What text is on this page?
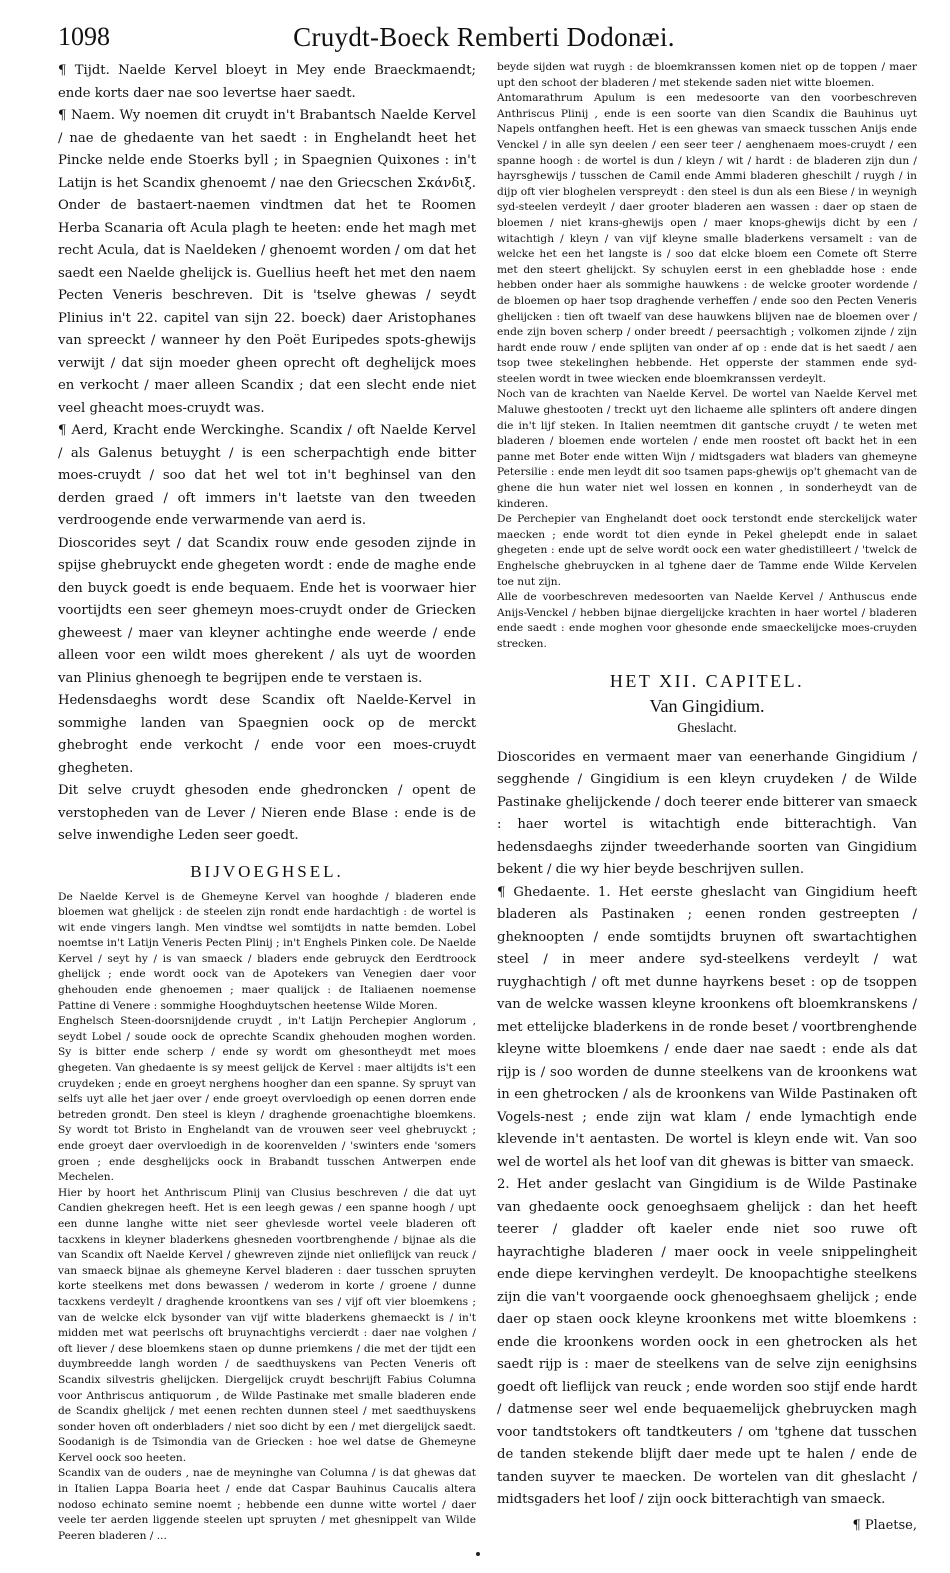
1098	Cruydt-Boeck Remberti Dodonæi.

¶ Tijdt. Naelde Kervel bloeyt in Mey ende Braeckmaendt; ende korts daer nae soo levertse haer saedt.

¶ Naem. Wy noemen dit cruydt in't Brabantsch Naelde Kervel / nae de ghedaente van het saedt : in Enghelandt heet het Pincke nelde ende Stoerks byll ; in Spaegnien Quixones : in't Latijn is het Scandix ghenoemt / nae den Griecschen Σκάνδιξ. Onder de bastaert-naemen vindtmen dat het te Roomen Herba Scanaria oft Acula plagh te heeten: ende het magh met recht Acula, dat is Naeldeken / ghenoemt worden / om dat het saedt een Naelde ghelijck is. Guellius heeft het met den naem Pecten Veneris beschreven. Dit is 'tselve ghewas / seydt Plinius in't 22. capitel van sijn 22. boeck) daer Aristophanes van spreeckt / wanneer hy den Poët Euripedes spots-ghewijs verwijt / dat sijn moeder gheen oprecht oft deghelijck moes en verkocht / maer alleen Scandix ; dat een slecht ende niet veel gheacht moes-cruydt was.

¶ Aerd, Kracht ende Werckinghe. Scandix / oft Naelde Kervel / als Galenus betuyght / is een scherpachtigh ende bitter moes-cruydt / soo dat het wel tot in't beghinsel van den derden graed / oft immers in't laetste van den tweeden verdroogende ende verwarmende van aerd is.

Dioscorides seyt / dat Scandix rouw ende gesoden zijnde in spijse ghebruyckt ende ghegeten wordt : ende de maghe ende den buyck goedt is ende bequaem. Ende het is voorwaer hier voortijdts een seer ghemeyn moes-cruydt onder de Griecken gheweest / maer van kleyner achtinghe ende weerde / ende alleen voor een wildt moes gherekent / als uyt de woorden van Plinius ghenoegh te begrijpen ende te verstaen is.

Hedensdaeghs wordt dese Scandix oft Naelde-Kervel in sommighe landen van Spaegnien oock op de merckt ghebroght ende verkocht / ende voor een moes-cruydt ghegheten.

Dit selve cruydt ghesoden ende ghedroncken / opent de verstopheden van de Lever / Nieren ende Blase : ende is de selve inwendighe Leden seer goedt.

BIJVOEGHSEL.

De Naelde Kervel is de Ghemeyne Kervel van hooghde / bladeren ende bloemen wat ghelijck : de steelen zijn rondt ende hardachtigh : de wortel is wit ende vingers langh. Men vindtse wel somtijdts in natte bemden. Lobel noemtse in't Latijn Veneris Pecten Plinij ; in't Enghels Pinken cole. De Naelde Kervel / seyt hy / is van smaeck / bladers ende gebruyck den Eerdtroock ghelijck ; ende wordt oock van de Apotekers van Venegien daer voor ghehouden ende ghenoemen ; maer qualijck : de Italiaenen noemense Pattine di Venere : sommighe Hooghduytschen heetense Wilde Moren.

Enghelsch Steen-doorsnijdende cruydt , in't Latijn Perchepier Anglorum , seydt Lobel / soude oock de oprechte Scandix ghehouden moghen worden. Sy is bitter ende scherp / ende sy wordt om ghesontheydt met moes ghegeten. Van ghedaente is sy meest gelijck de Kervel : maer altijdts is't een cruydeken ; ende en groeyt nerghens hoogher dan een spanne. Sy spruyt van selfs uyt alle het jaer over / ende groeyt overvloedigh op eenen dorren ende betreden grondt. Den steel is kleyn / draghende groenachtighe bloemkens. Sy wordt tot Bristo in Enghelandt van de vrouwen seer veel ghebruyckt ; ende groeyt daer overvloedigh in de koorenvelden / 'swinters ende 'somers groen ; ende desghelijcks oock in Brabandt tusschen Antwerpen ende Mechelen.

Hier by hoort het Anthriscum Plinij van Clusius beschreven / die dat uyt Candien ghekregen heeft. Het is een leegh gewas / een spanne hoogh / upt een dunne langhe witte niet seer ghevlesde wortel veele bladeren oft tacxkens in kleyner bladerkens ghesneden voortbrenghende / bijnae als die van Scandix oft Naelde Kervel / ghewreven zijnde niet onlieflijck van reuck / van smaeck bijnae als ghemeyne Kervel bladeren : daer tusschen spruyten korte steelkens met dons bewassen / wederom in korte / groene / dunne tacxkens verdeylt / draghende kroontkens van ses / vijf oft vier bloemkens ; van de welcke elck bysonder van vijf witte bladerkens ghemaeckt is / in't midden met wat peerlschs oft bruynachtighs vercierdt : daer nae volghen / oft liever / dese bloemkens staen op dunne priemkens / die met der tijdt een duymbreedde langh worden / de saedthuyskens van Pecten Veneris oft Scandix silvestris ghelijcken. Diergelijck cruydt beschrijft Fabius Columna voor Anthriscus antiquorum , de Wilde Pastinake met smalle bladeren ende de Scandix ghelijck / met eenen rechten dunnen steel / met saedthuyskens sonder hoven oft onderbladers / niet soo dicht by een / met diergelijck saedt. Soodanigh is de Tsimondia van de Griecken : hoe wel datse de Ghemeyne Kervel oock soo heeten.

Scandix van de ouders , nae de meyninghe van Columna / is dat ghewas dat in Italien Lappa Boaria heet / ende dat Caspar Bauhinus Caucalis altera nodoso echinato semine noemt ; hebbende een dunne witte wortel / daer veele ter aerden liggende steelen upt spruyten / met ghesnippelt van Wilde Peeren bladeren / ...

beyde sijden wat ruygh : de bloemkranssen komen niet op de toppen / maer upt den schoot der bladeren / met stekende saden niet witte bloemen.

Antomarathrum Apulum is een medesoorte van den voorbeschreven Anthriscus Plinij , ende is een soorte van dien Scandix die Bauhinus uyt Napels ontfanghen heeft. Het is een ghewas van smaeck tusschen Anijs ende Venckel / in alle syn deelen / een seer teer / aenghenaem moes-cruydt / een spanne hoogh : de wortel is dun / kleyn / wit / hardt : de bladeren zijn dun / hayrsghewijs / tusschen de Camil ende Ammi bladeren gheschilt / ruygh / in dijp oft vier bloghelen verspreydt : den steel is dun als een Biese / in weynigh syd-steelen verdeylt / daer grooter bladeren aen wassen : daer op staen de bloemen / niet krans-ghewijs open / maer knops-ghewijs dicht by een / witachtigh / kleyn / van vijf kleyne smalle bladerkens versamelt : van de welcke het een het langste is / soo dat elcke bloem een Comete oft Sterre met den steert ghelijckt. Sy schuylen eerst in een ghebladde hose : ende hebben onder haer als sommighe hauwkens : de welcke grooter wordende / de bloemen op haer tsop draghende verheffen / ende soo den Pecten Veneris ghelijcken : tien oft twaelf van dese hauwkens blijven nae de bloemen over / ende zijn boven scherp / onder breedt / peersachtigh ; volkomen zijnde / zijn hardt ende rouw / ende splijten van onder af op : ende dat is het saedt / aen tsop twee stekelinghen hebbende. Het opperste der stammen ende syd-steelen wordt in twee wiecken ende bloemkranssen verdeylt.

Noch van de krachten van Naelde Kervel. De wortel van Naelde Kervel met Maluwe ghestooten / treckt uyt den lichaeme alle splinters oft andere dingen die in't lijf steken. In Italien neemtmen dit gantsche cruydt / te weten met bladeren / bloemen ende wortelen / ende men roostet oft backt het in een panne met Boter ende witten Wijn / midtsgaders wat bladers van ghemeyne Petersilie : ende men leydt dit soo tsamen paps-ghewijs op't ghemacht van de ghene die hun water niet wel lossen en konnen , in sonderheydt van de kinderen.

De Perchepier van Enghelandt doet oock terstondt ende sterckelijck water maecken ; ende wordt tot dien eynde in Pekel ghelepdt ende in salaet ghegeten : ende upt de selve wordt oock een water ghedistilleert / 'twelck de Enghelsche ghebruycken in al tghene daer de Tamme ende Wilde Kervelen toe nut zijn.

Alle de voorbeschreven medesoorten van Naelde Kervel / Anthuscus ende Anijs-Venckel / hebben bijnae diergelijcke krachten in haer wortel / bladeren ende saedt : ende moghen voor ghesonde ende smaeckelijcke moes-cruyden strecken.

HET XII. CAPITEL.
Van Gingidium.
Gheslacht.

Dioscorides en vermaent maer van eenerhande Gingidium / segghende / Gingidium is een kleyn cruydeken / de Wilde Pastinake ghelijckende / doch teerer ende bitterer van smaeck : haer wortel is witachtigh ende bitterachtigh. Van hedensdaeghs zijnder tweederhande soorten van Gingidium bekent / die wy hier beyde beschrijven sullen.

¶ Ghedaente. 1. Het eerste gheslacht van Gingidium heeft bladeren als Pastinaken ; eenen ronden gestreepten / gheknoopten / ende somtijdts bruynen oft swartachtighen steel / in meer andere syd-steelkens verdeylt / wat ruyghachtigh / oft met dunne hayrkens beset : op de tsoppen van de welcke wassen kleyne kroonkens oft bloemkranskens / met ettelijcke bladerkens in de ronde beset / voortbrenghende kleyne witte bloemkens / ende daer nae saedt : ende als dat rijp is / soo worden de dunne steelkens van de kroonkens wat in een ghetrocken / als de kroonkens van Wilde Pastinaken oft Vogels-nest ; ende zijn wat klam / ende lymachtigh ende klevende in't aentasten. De wortel is kleyn ende wit. Van soo wel de wortel als het loof van dit ghewas is bitter van smaeck.

2. Het ander geslacht van Gingidium is de Wilde Pastinake van ghedaente oock genoeghsaem ghelijck : dan het heeft teerer / gladder oft kaeler ende niet soo ruwe oft hayrachtighe bladeren / maer oock in veele snippelingheit ende diepe kervinghen verdeylt. De knoopachtighe steelkens zijn die van't voorgaende oock ghenoeghsaem ghelijck ; ende daer op staen oock kleyne kroonkens met witte bloemkens : ende die kroonkens worden oock in een ghetrocken als het saedt rijp is : maer de steelkens van de selve zijn eenighsins goedt oft lieflijck van reuck ; ende worden soo stijf ende hardt / datmense seer wel ende bequaemelijck ghebruycken magh voor tandtstokers oft tandtkeuters / om 'tghene dat tusschen de tanden stekende blijft daer mede upt te halen / ende de tanden suyver te maecken. De wortelen van dit gheslacht / midtsgaders het loof / zijn oock bitterachtigh van smaeck.

¶ Plaetse,
